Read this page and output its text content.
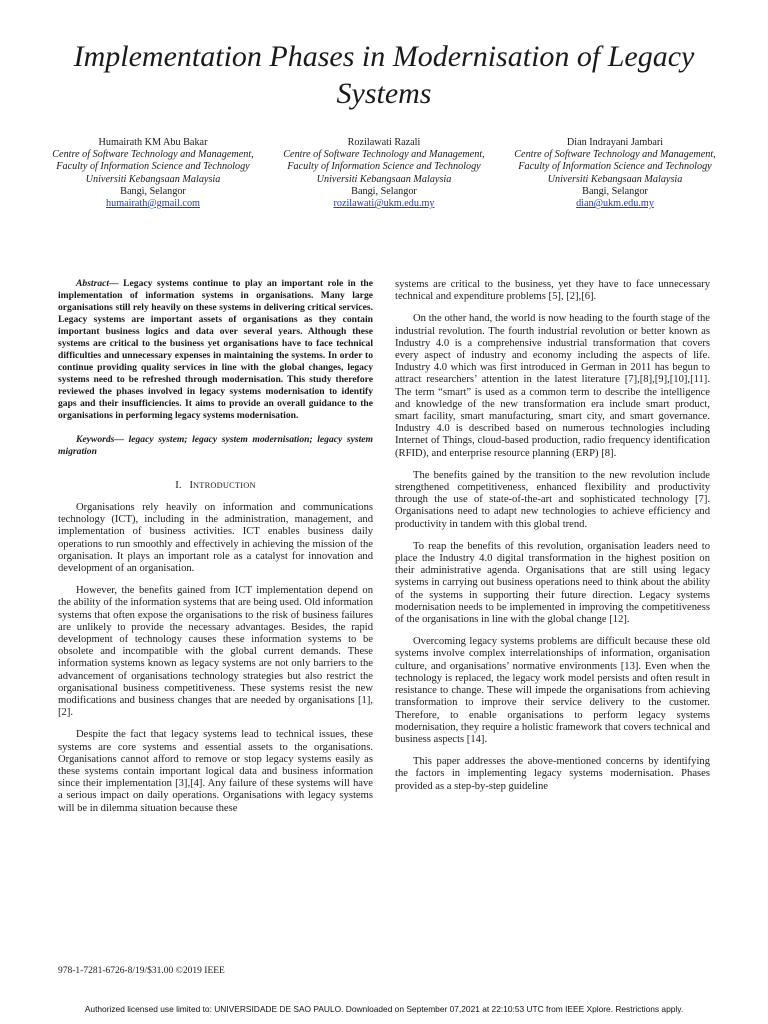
Implementation Phases in Modernisation of Legacy Systems
Humairath KM Abu Bakar
Centre of Software Technology and Management,
Faculty of Information Science and Technology
Universiti Kebangsaan Malaysia
Bangi, Selangor
humairath@gmail.com
Rozilawati Razali
Centre of Software Technology and Management,
Faculty of Information Science and Technology
Universiti Kebangsaan Malaysia
Bangi, Selangor
rozilawati@ukm.edu.my
Dian Indrayani Jambari
Centre of Software Technology and Management,
Faculty of Information Science and Technology
Universiti Kebangsaan Malaysia
Bangi, Selangor
dian@ukm.edu.my

Abstract— Legacy systems continue to play an important role in the implementation of information systems in organisations. Many large organisations still rely heavily on these systems in delivering critical services. Legacy systems are important assets of organisations as they contain important business logics and data over several years. Although these systems are critical to the business yet organisations have to face technical difficulties and unnecessary expenses in maintaining the systems. In order to continue providing quality services in line with the global changes, legacy systems need to be refreshed through modernisation. This study therefore reviewed the phases involved in legacy systems modernisation to identify gaps and their insufficiencies. It aims to provide an overall guidance to the organisations in performing legacy systems modernisation.

Keywords— legacy system; legacy system modernisation; legacy system migration

I. INTRODUCTION

Organisations rely heavily on information and communications technology (ICT), including in the administration, management, and implementation of business activities. ICT enables business daily operations to run smoothly and effectively in achieving the mission of the organisation. It plays an important role as a catalyst for innovation and development of an organisation.

However, the benefits gained from ICT implementation depend on the ability of the information systems that are being used. Old information systems that often expose the organisations to the risk of business failures are unlikely to provide the necessary advantages. Besides, the rapid development of technology causes these information systems to be obsolete and incompatible with the global current demands. These information systems known as legacy systems are not only barriers to the advancement of organisations technology strategies but also restrict the organisational business competitiveness. These systems resist the new modifications and business changes that are needed by organisations [1],[2].

Despite the fact that legacy systems lead to technical issues, these systems are core systems and essential assets to the organisations. Organisations cannot afford to remove or stop legacy systems easily as these systems contain important logical data and business information since their implementation [3],[4]. Any failure of these systems will have a serious impact on daily operations. Organisations with legacy systems will be in dilemma situation because these

systems are critical to the business, yet they have to face unnecessary technical and expenditure problems [5], [2],[6].

On the other hand, the world is now heading to the fourth stage of the industrial revolution. The fourth industrial revolution or better known as Industry 4.0 is a comprehensive industrial transformation that covers every aspect of industry and economy including the aspects of life. Industry 4.0 which was first introduced in German in 2011 has begun to attract researchers’ attention in the latest literature [7],[8],[9],[10],[11]. The term “smart” is used as a common term to describe the intelligence and knowledge of the new transformation era include smart product, smart facility, smart manufacturing, smart city, and smart governance. Industry 4.0 is described based on numerous technologies including Internet of Things, cloud-based production, radio frequency identification (RFID), and enterprise resource planning (ERP) [8].

The benefits gained by the transition to the new revolution include strengthened competitiveness, enhanced flexibility and productivity through the use of state-of-the-art and sophisticated technology [7]. Organisations need to adapt new technologies to achieve efficiency and productivity in tandem with this global trend.

To reap the benefits of this revolution, organisation leaders need to place the Industry 4.0 digital transformation in the highest position on their administrative agenda. Organisations that are still using legacy systems in carrying out business operations need to think about the ability of the systems in supporting their future direction. Legacy systems modernisation needs to be implemented in improving the competitiveness of the organisations in line with the global change [12].

Overcoming legacy systems problems are difficult because these old systems involve complex interrelationships of information, organisation culture, and organisations’ normative environments [13]. Even when the technology is replaced, the legacy work model persists and often result in resistance to change. These will impede the organisations from achieving transformation to improve their service delivery to the customer. Therefore, to enable organisations to perform legacy systems modernisation, they require a holistic framework that covers technical and business aspects [14].

This paper addresses the above-mentioned concerns by identifying the factors in implementing legacy systems modernisation. Phases provided as a step-by-step guideline

978-1-7281-6726-8/19/$31.00 ©2019 IEEE
Authorized licensed use limited to: UNIVERSIDADE DE SAO PAULO. Downloaded on September 07,2021 at 22:10:53 UTC from IEEE Xplore. Restrictions apply.
